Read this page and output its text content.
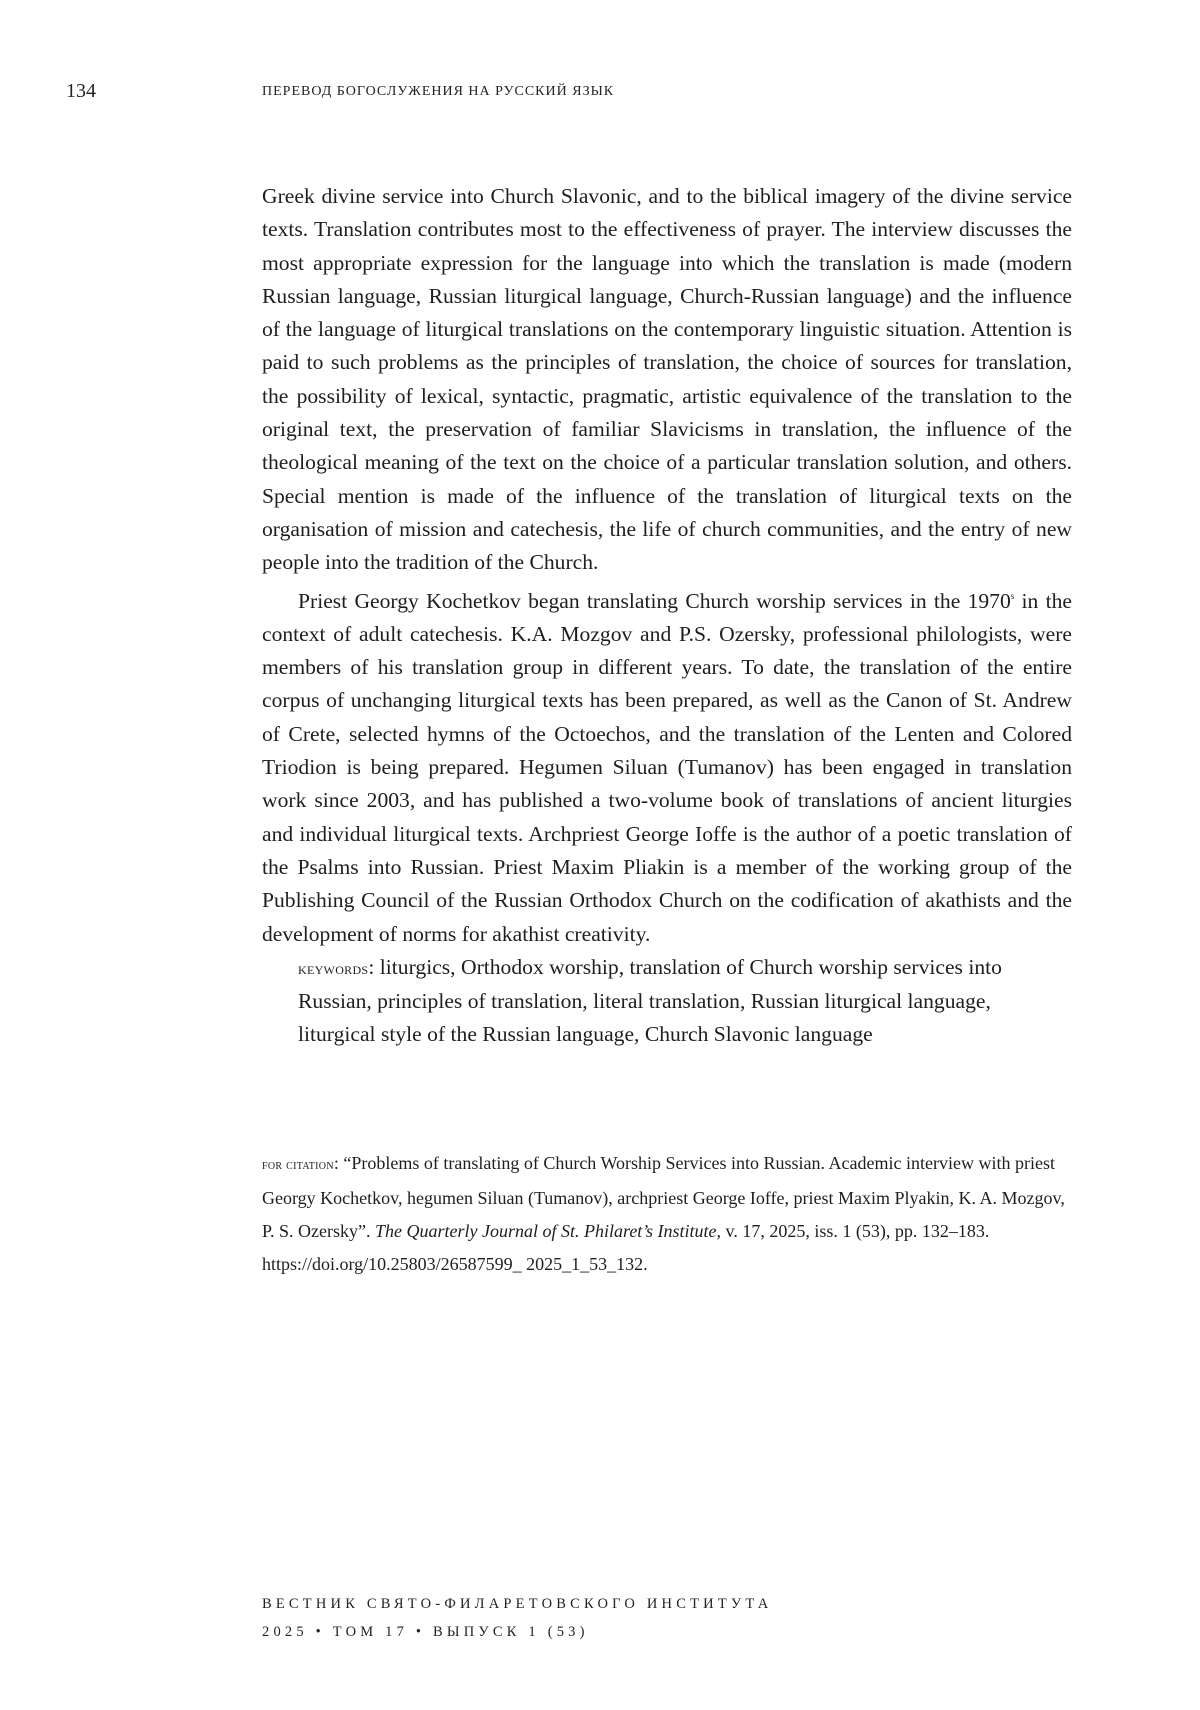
134	ПЕРЕВОД БОГОСЛУЖЕНИЯ НА РУССКИЙ ЯЗЫК

Greek divine service into Church Slavonic, and to the biblical imagery of the divine service texts. Translation contributes most to the effectiveness of prayer. The interview discusses the most appropriate expression for the language into which the translation is made (modern Russian language, Russian liturgical language, Church-Russian language) and the influence of the language of liturgical translations on the contemporary linguistic situation. Attention is paid to such problems as the principles of translation, the choice of sources for translation, the possibility of lexical, syntactic, pragmatic, artistic equivalence of the translation to the original text, the preservation of familiar Slavicisms in translation, the influence of the theological meaning of the text on the choice of a particular translation solution, and others. Special mention is made of the influence of the translation of liturgical texts on the organisation of mission and catechesis, the life of church communities, and the entry of new people into the tradition of the Church.

Priest Georgy Kochetkov began translating Church worship services in the 1970$^s$ in the context of adult catechesis. K.A. Mozgov and P.S. Ozersky, professional philologists, were members of his translation group in different years. To date, the translation of the entire corpus of unchanging liturgical texts has been prepared, as well as the Canon of St. Andrew of Crete, selected hymns of the Octoechos, and the translation of the Lenten and Colored Triodion is being prepared. Hegumen Siluan (Tumanov) has been engaged in translation work since 2003, and has published a two-volume book of translations of ancient liturgies and individual liturgical texts. Archpriest George Ioffe is the author of a poetic translation of the Psalms into Russian. Priest Maxim Pliakin is a member of the working group of the Publishing Council of the Russian Orthodox Church on the codification of akathists and the development of norms for akathist creativity.

keywords: liturgics, Orthodox worship, translation of Church worship services into Russian, principles of translation, literal translation, Russian liturgical language, liturgical style of the Russian language, Church Slavonic language

for citation: “Problems of translating of Church Worship Services into Russian. Academic interview with priest Georgy Kochetkov, hegumen Siluan (Tumanov), archpriest George Ioffe, priest Maxim Plyakin, K. A. Mozgov, P. S. Ozersky”. The Quarterly Journal of St. Philaret’s Institute, v. 17, 2025, iss. 1 (53), pp. 132–183. https://doi.org/10.25803/26587599_ 2025_1_53_132.
ВЕСТНИК СВЯТО-ФИЛАРЕТОВСКОГО ИНСТИТУТА
2025 • ТОМ 17 • ВЫПУСК 1 (53)
